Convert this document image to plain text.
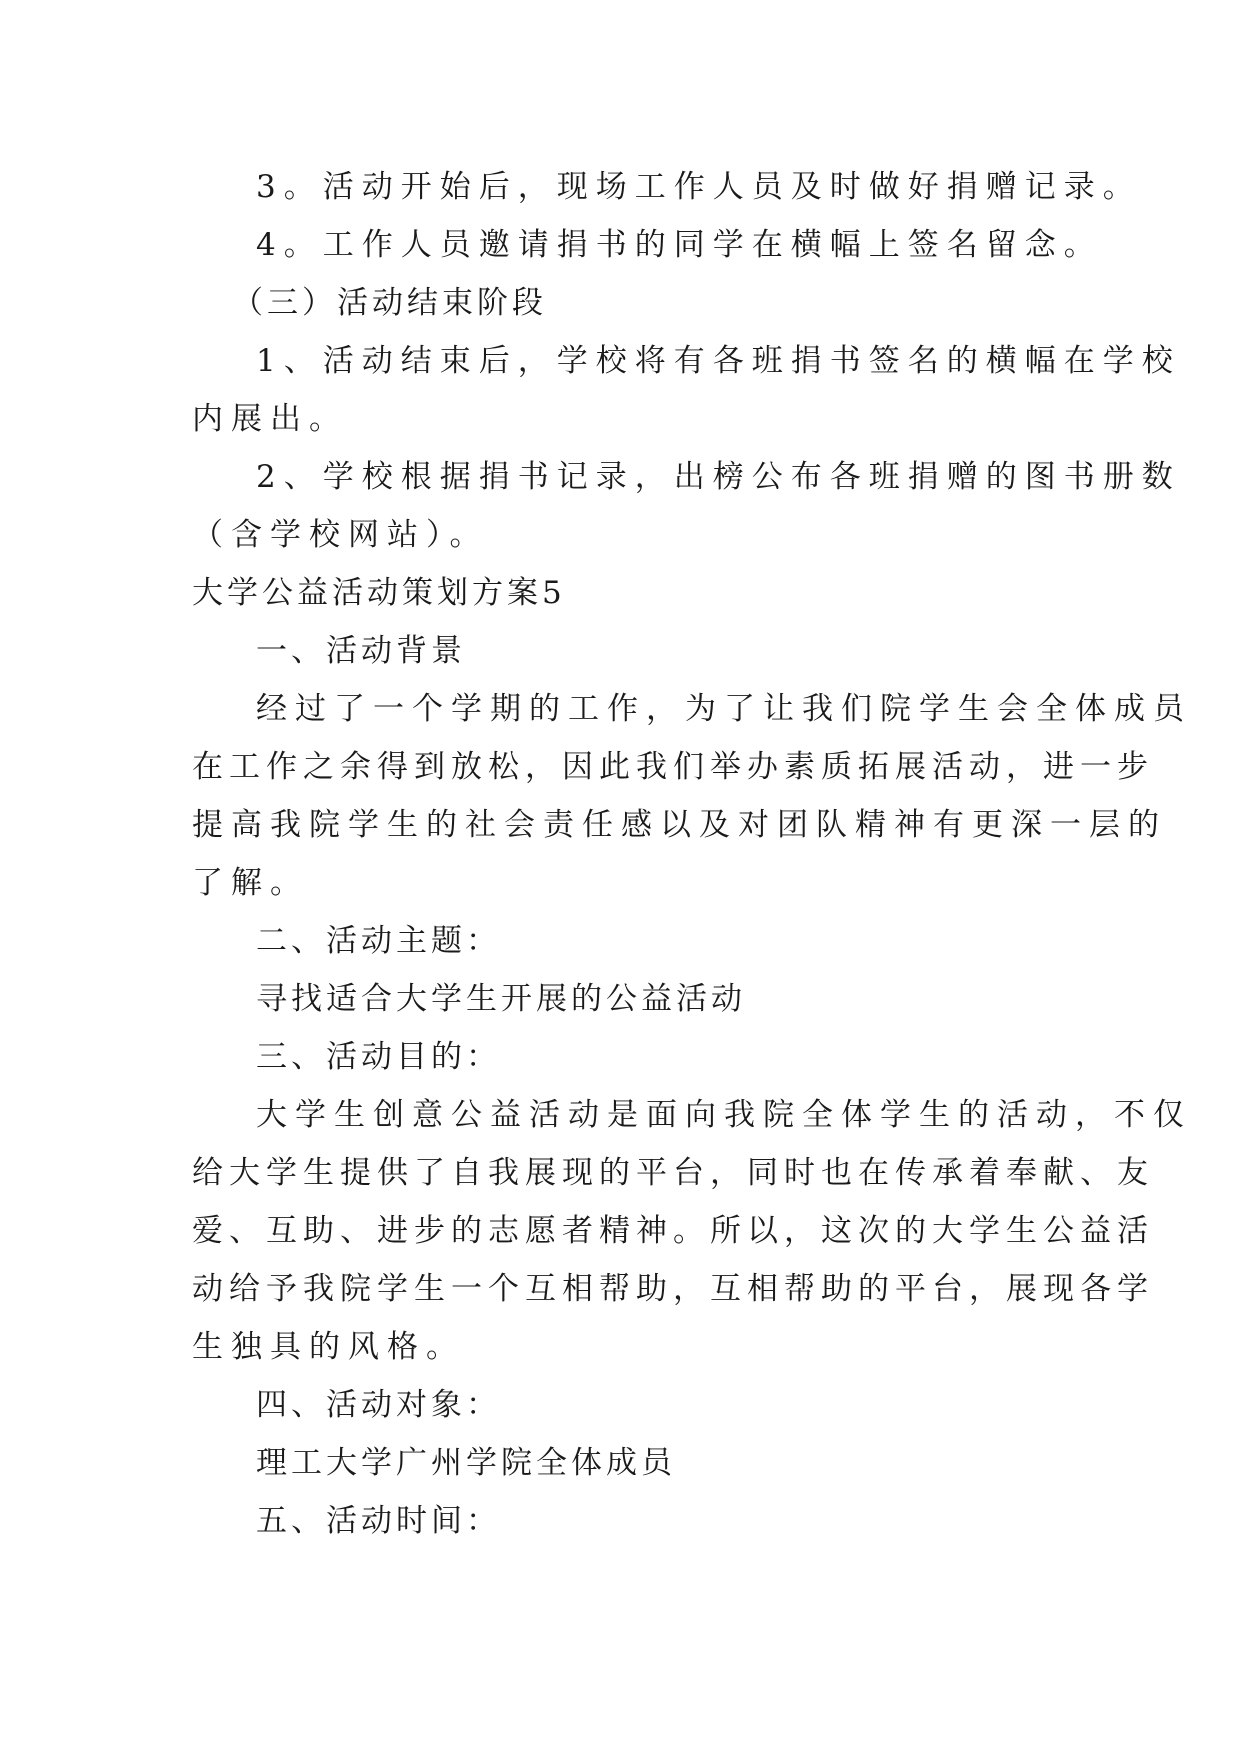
3。活动开始后，现场工作人员及时做好捐赠记录。
4。工作人员邀请捐书的同学在横幅上签名留念。
（三）活动结束阶段
1、活动结束后，学校将有各班捐书签名的横幅在学校
内展出。
2、学校根据捐书记录，出榜公布各班捐赠的图书册数
（含学校网站）。
大学公益活动策划方案5
一、活动背景
经过了一个学期的工作，为了让我们院学生会全体成员
在工作之余得到放松，因此我们举办素质拓展活动，进一步
提高我院学生的社会责任感以及对团队精神有更深一层的
了解。
二、活动主题：
寻找适合大学生开展的公益活动
三、活动目的：
大学生创意公益活动是面向我院全体学生的活动，不仅
给大学生提供了自我展现的平台，同时也在传承着奉献、友
爱、互助、进步的志愿者精神。所以，这次的大学生公益活
动给予我院学生一个互相帮助，互相帮助的平台，展现各学
生独具的风格。
四、活动对象：
理工大学广州学院全体成员
五、活动时间：
